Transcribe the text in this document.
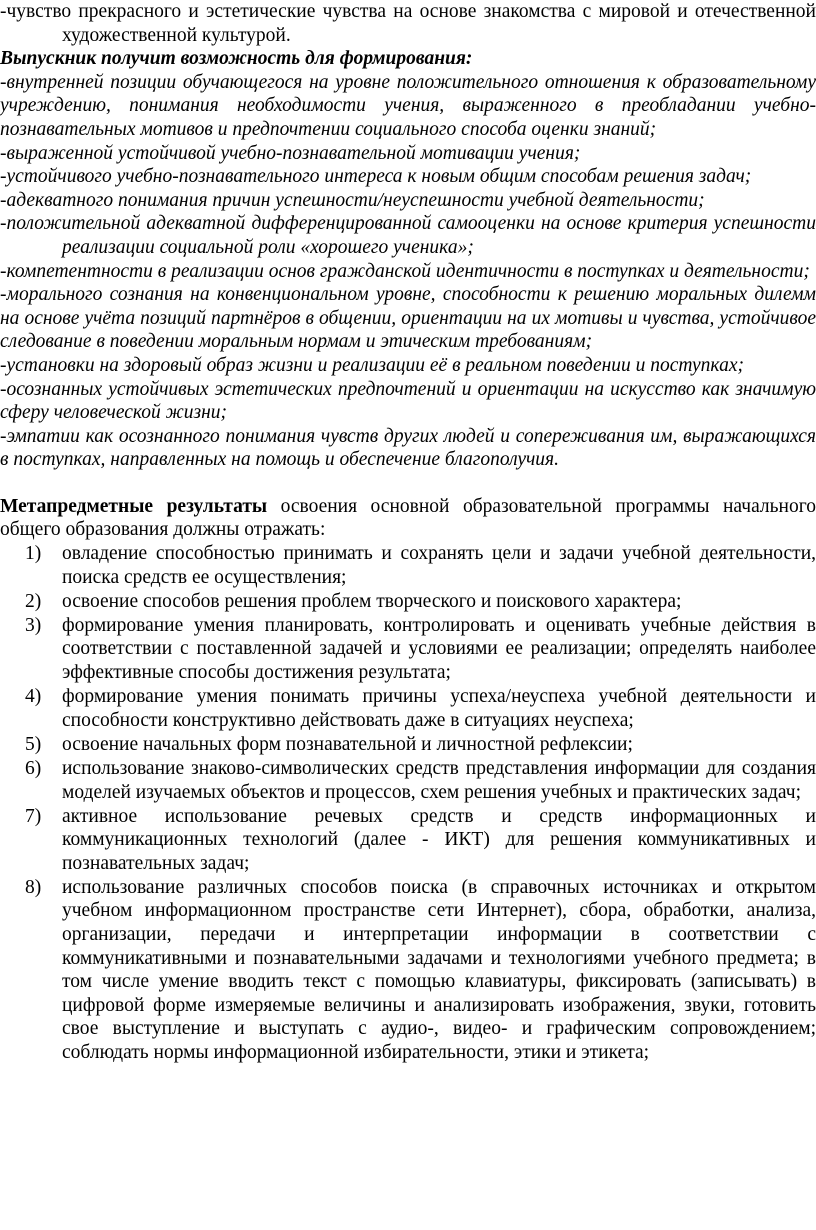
-чувство прекрасного и эстетические чувства на основе знакомства с мировой и отечественной художественной культурой.

Выпускник получит возможность для формирования:

-внутренней позиции обучающегося на уровне положительного отношения к образовательному учреждению, понимания необходимости учения, выраженного в преобладании учебно-познавательных мотивов и предпочтении социального способа оценки знаний;

-выраженной устойчивой учебно-познавательной мотивации учения;

-устойчивого учебно-познавательного интереса к новым общим способам решения задач;

-адекватного понимания причин успешности/неуспешности учебной деятельности;

-положительной адекватной дифференцированной самооценки на основе критерия успешности реализации социальной роли «хорошего ученика»;

-компетентности в реализации основ гражданской идентичности в поступках и деятельности;

-морального сознания на конвенциональном уровне, способности к решению моральных дилемм на основе учёта позиций партнёров в общении, ориентации на их мотивы и чувства, устойчивое следование в поведении моральным нормам и этическим требованиям;

-установки на здоровый образ жизни и реализации её в реальном поведении и поступках;

-осознанных устойчивых эстетических предпочтений и ориентации на искусство как значимую сферу человеческой жизни;

-эмпатии как осознанного понимания чувств других людей и сопереживания им, выражающихся в поступках, направленных на помощь и обеспечение благополучия.

Метапредметные результаты освоения основной образовательной программы начального общего образования должны отражать:

1) овладение способностью принимать и сохранять цели и задачи учебной деятельности, поиска средств ее осуществления;
2) освоение способов решения проблем творческого и поискового характера;
3) формирование умения планировать, контролировать и оценивать учебные действия в соответствии с поставленной задачей и условиями ее реализации; определять наиболее эффективные способы достижения результата;
4) формирование умения понимать причины успеха/неуспеха учебной деятельности и способности конструктивно действовать даже в ситуациях неуспеха;
5) освоение начальных форм познавательной и личностной рефлексии;
6) использование знаково-символических средств представления информации для создания моделей изучаемых объектов и процессов, схем решения учебных и практических задач;
7) активное использование речевых средств и средств информационных и коммуникационных технологий (далее - ИКТ) для решения коммуникативных и познавательных задач;
8) использование различных способов поиска (в справочных источниках и открытом учебном информационном пространстве сети Интернет), сбора, обработки, анализа, организации, передачи и интерпретации информации в соответствии с коммуникативными и познавательными задачами и технологиями учебного предмета; в том числе умение вводить текст с помощью клавиатуры, фиксировать (записывать) в цифровой форме измеряемые величины и анализировать изображения, звуки, готовить свое выступление и выступать с аудио-, видео- и графическим сопровождением; соблюдать нормы информационной избирательности, этики и этикета;
